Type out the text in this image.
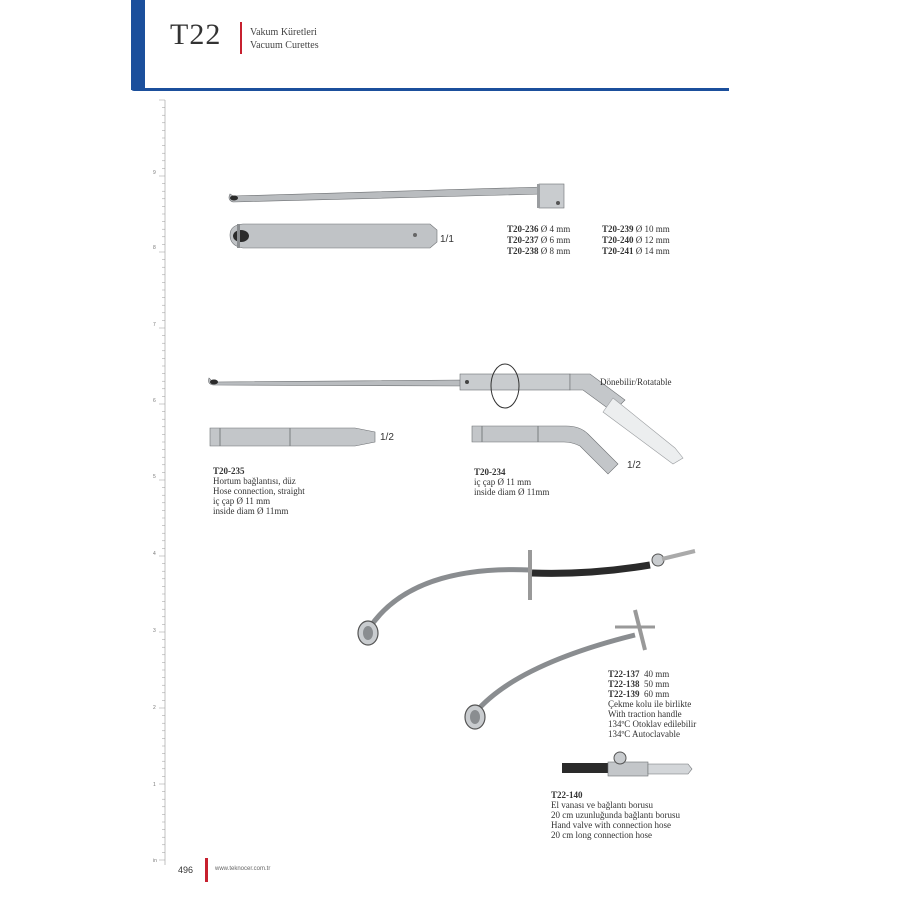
T22	Vakum Küretleri
Vacuum Curettes
9
8
7
6
5
4
3
2
1
in
1/1
T20-236 Ø 4 mm
T20-237 Ø 6 mm
T20-238 Ø 8 mm
T20-239 Ø 10 mm
T20-240 Ø 12 mm
T20-241 Ø 14 mm
Dönebilir/Rotatable
1/2
1/2
T20-235
Hortum bağlantısı, düz
Hose connection, straight
iç çap Ø 11 mm
inside diam Ø 11mm
T20-234
iç çap Ø 11 mm
inside diam Ø 11mm
T22-137 40 mm
T22-138 50 mm
T22-139 60 mm
Çekme kolu ile birlikte
With traction handle
134ºC Otoklav edilebilir
134ºC Autoclavable
T22-140
El vanası ve bağlantı borusu
20 cm uzunluğunda bağlantı borusu
Hand valve with connection hose
20 cm long connection hose
496	www.teknocer.com.tr
